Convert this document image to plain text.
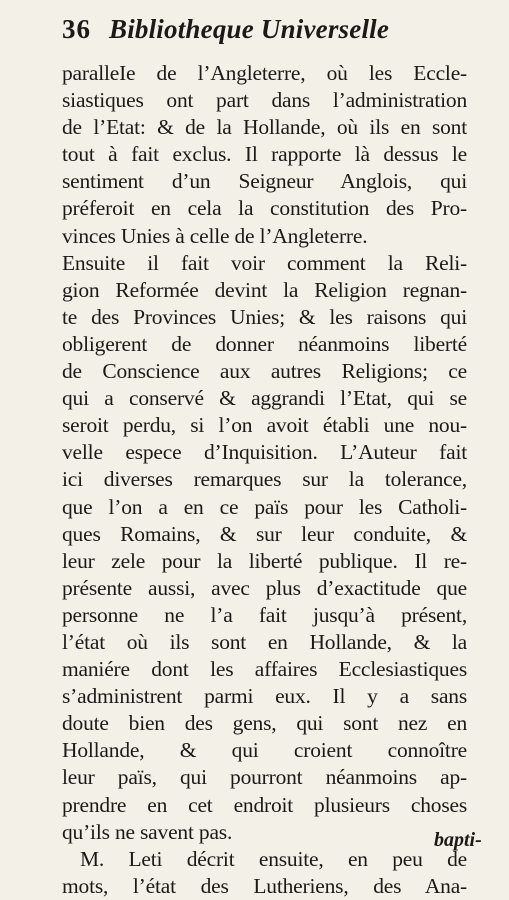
36 Bibliotheque Universelle
paralleIe de l’Angleterre, où les Eccle-
siastiques ont part dans l’administration
de l’Etat: & de la Hollande, où ils en sont
tout à fait exclus. Il rapporte là dessus le
sentiment d’un Seigneur Anglois, qui
préferoit en cela la constitution des Pro-
vinces Unies à celle de l’Angleterre.
Ensuite il fait voir comment la Reli-
gion Reformée devint la Religion regnan-
te des Provinces Unies; & les raisons qui
obligerent de donner néanmoins liberté
de Conscience aux autres Religions; ce
qui a conservé & aggrandi l’Etat, qui se
seroit perdu, si l’on avoit établi une nou-
velle espece d’Inquisition. L’Auteur fait
ici diverses remarques sur la tolerance,
que l’on a en ce païs pour les Catholi-
ques Romains, & sur leur conduite, &
leur zele pour la liberté publique. Il re-
présente aussi, avec plus d’exactitude que
personne ne l’a fait jusqu’à présent,
l’état où ils sont en Hollande, & la
maniére dont les affaires Ecclesiastiques
s’administrent parmi eux. Il y a sans
doute bien des gens, qui sont nez en
Hollande, & qui croient connoître
leur païs, qui pourront néanmoins ap-
prendre en cet endroit plusieurs choses
qu’ils ne savent pas.
M. Leti décrit ensuite, en peu de
mots, l’état des Lutheriens, des Ana-
bapti-
